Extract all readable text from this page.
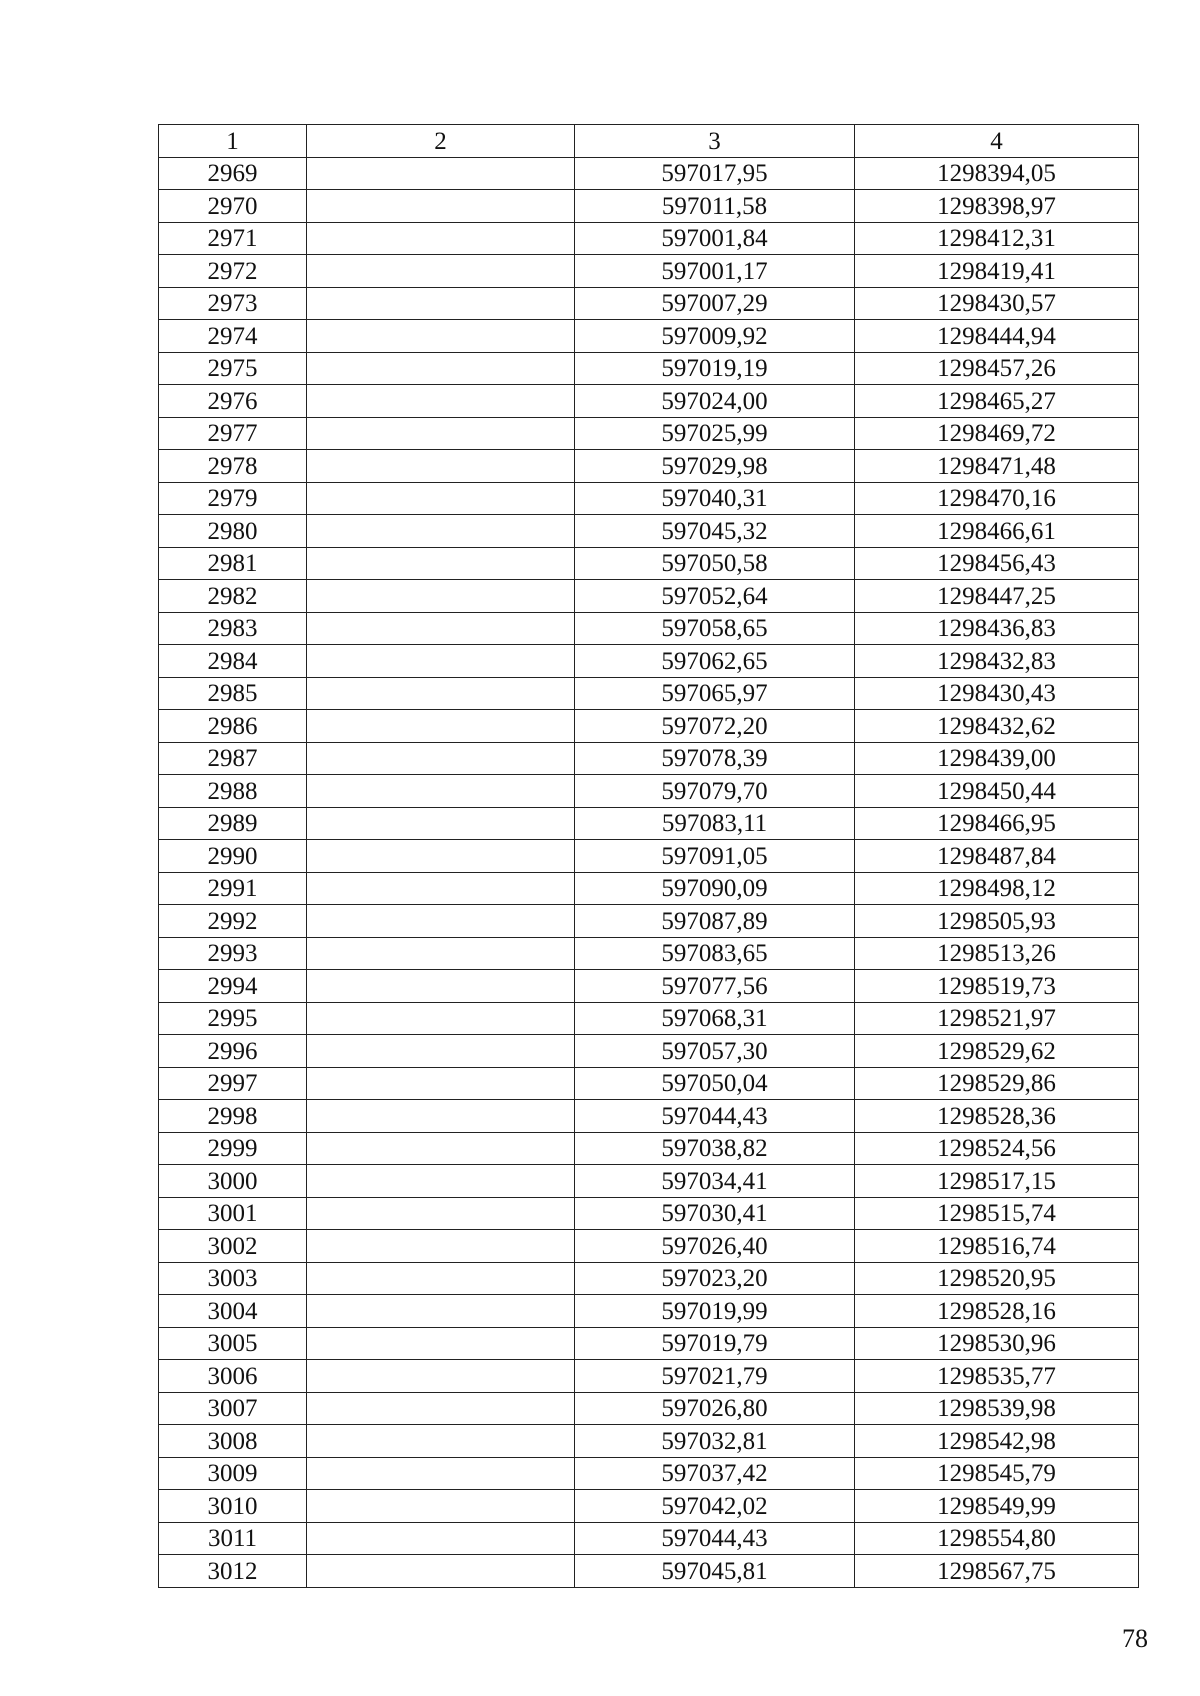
1	2	3	4
2969		597017,95	1298394,05
2970		597011,58	1298398,97
2971		597001,84	1298412,31
2972		597001,17	1298419,41
2973		597007,29	1298430,57
2974		597009,92	1298444,94
2975		597019,19	1298457,26
2976		597024,00	1298465,27
2977		597025,99	1298469,72
2978		597029,98	1298471,48
2979		597040,31	1298470,16
2980		597045,32	1298466,61
2981		597050,58	1298456,43
2982		597052,64	1298447,25
2983		597058,65	1298436,83
2984		597062,65	1298432,83
2985		597065,97	1298430,43
2986		597072,20	1298432,62
2987		597078,39	1298439,00
2988		597079,70	1298450,44
2989		597083,11	1298466,95
2990		597091,05	1298487,84
2991		597090,09	1298498,12
2992		597087,89	1298505,93
2993		597083,65	1298513,26
2994		597077,56	1298519,73
2995		597068,31	1298521,97
2996		597057,30	1298529,62
2997		597050,04	1298529,86
2998		597044,43	1298528,36
2999		597038,82	1298524,56
3000		597034,41	1298517,15
3001		597030,41	1298515,74
3002		597026,40	1298516,74
3003		597023,20	1298520,95
3004		597019,99	1298528,16
3005		597019,79	1298530,96
3006		597021,79	1298535,77
3007		597026,80	1298539,98
3008		597032,81	1298542,98
3009		597037,42	1298545,79
3010		597042,02	1298549,99
3011		597044,43	1298554,80
3012		597045,81	1298567,75
78
